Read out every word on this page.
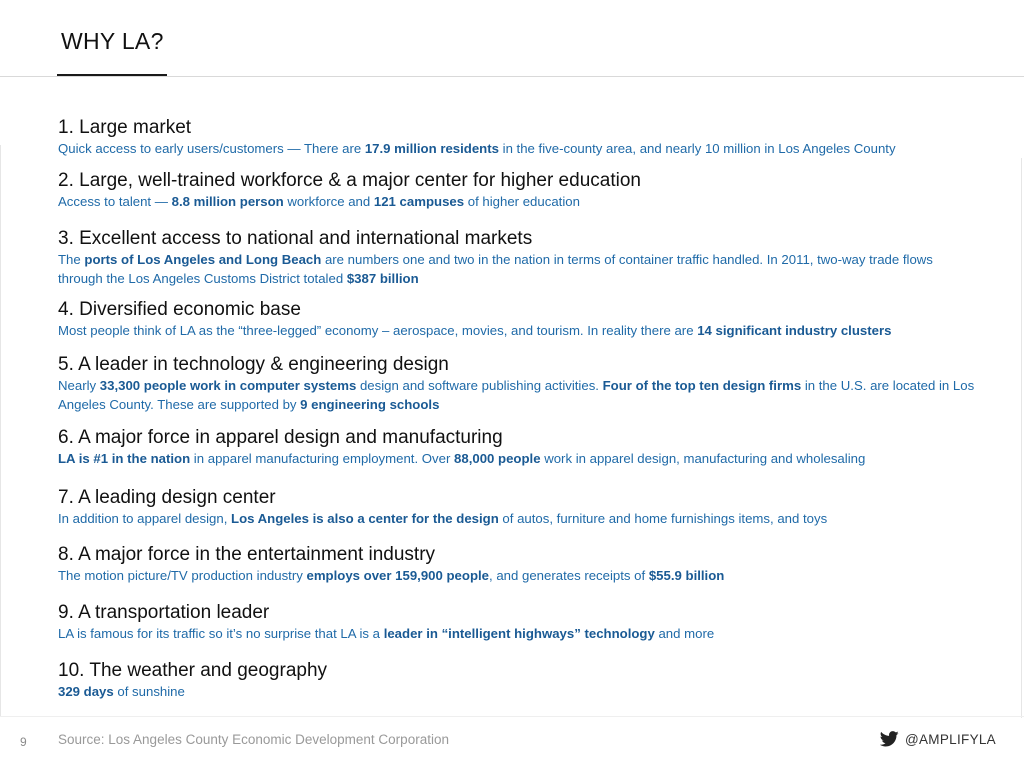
WHY LA?
1. Large market
Quick access to early users/customers — There are 17.9 million residents in the five-county area, and nearly 10 million in Los Angeles County
2. Large, well-trained workforce & a major center for higher education
Access to talent — 8.8 million person workforce and 121 campuses of higher education
3. Excellent access to national and international markets
The ports of Los Angeles and Long Beach are numbers one and two in the nation in terms of container traffic handled. In 2011, two-way trade flows through the Los Angeles Customs District totaled $387 billion
4. Diversified economic base
Most people think of LA as the “three-legged” economy – aerospace, movies, and tourism. In reality there are 14 significant industry clusters
5. A leader in technology & engineering design
Nearly 33,300 people work in computer systems design and software publishing activities. Four of the top ten design firms in the U.S. are located in Los Angeles County. These are supported by 9 engineering schools
6. A major force in apparel design and manufacturing
LA is #1 in the nation in apparel manufacturing employment. Over 88,000 people work in apparel design, manufacturing and wholesaling
7. A leading design center
In addition to apparel design, Los Angeles is also a center for the design of autos, furniture and home furnishings items, and toys
8. A major force in the entertainment industry
The motion picture/TV production industry employs over 159,900 people, and generates receipts of $55.9 billion
9. A transportation leader
LA is famous for its traffic so it’s no surprise that LA is a leader in “intelligent highways” technology and more
10. The weather and geography
329 days of sunshine
9 Source: Los Angeles County Economic Development Corporation	@AMPLIFYLA
